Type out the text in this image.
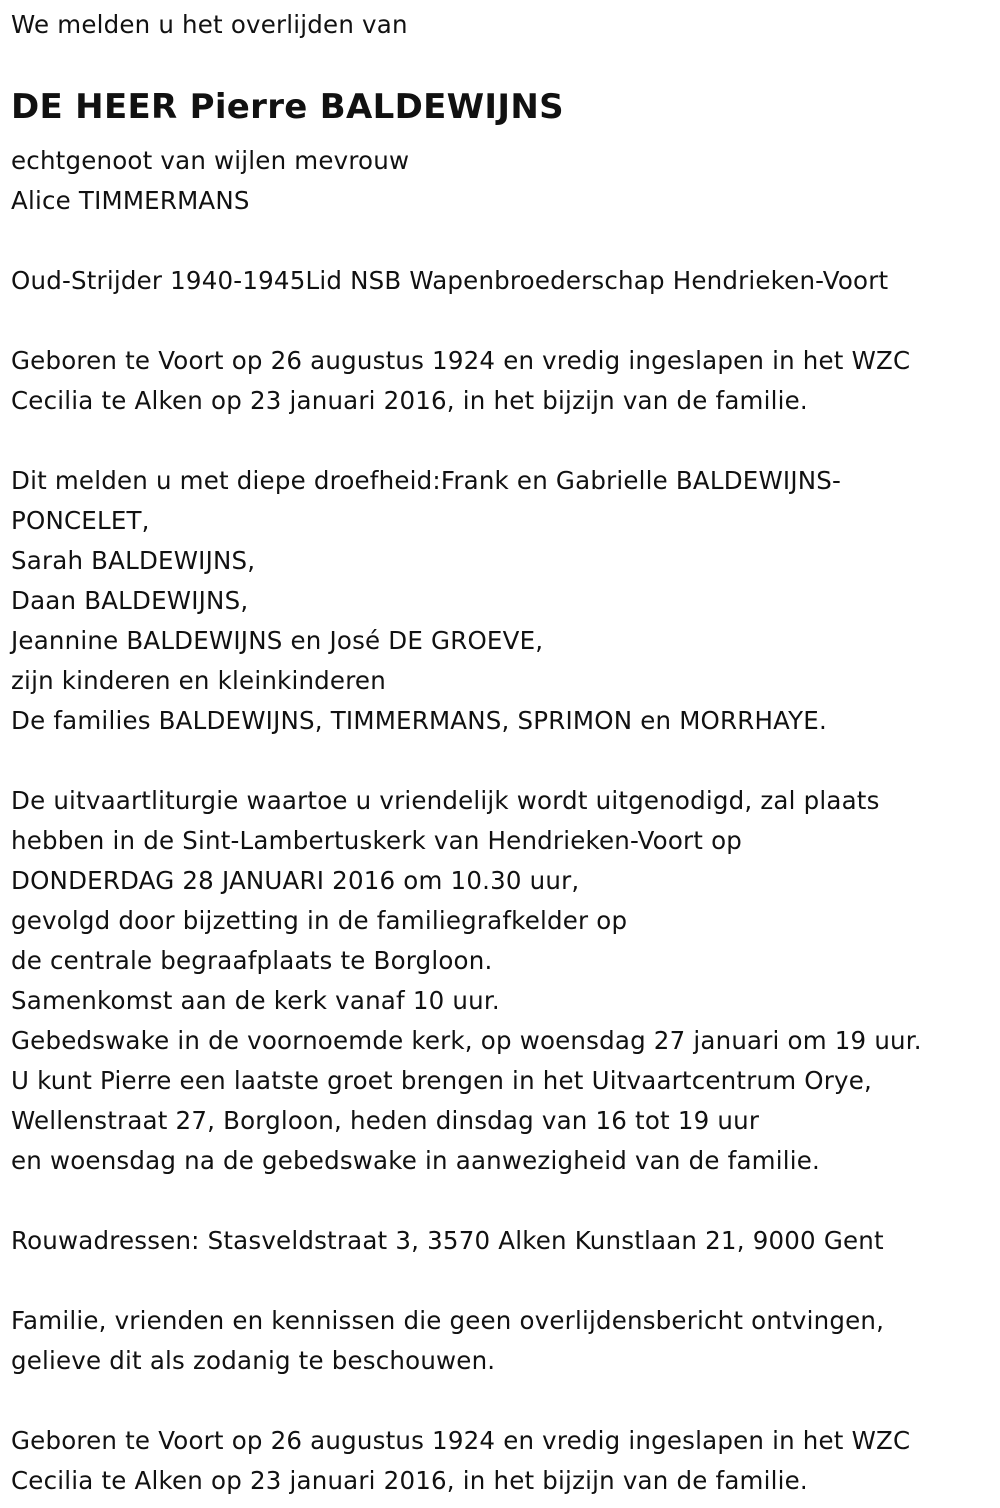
We melden u het overlijden van
DE HEER Pierre BALDEWIJNS
echtgenoot van wijlen mevrouw
Alice TIMMERMANS
Oud-Strijder 1940-1945Lid NSB Wapenbroederschap Hendrieken-Voort
Geboren te Voort op 26 augustus 1924 en vredig ingeslapen in het WZC
Cecilia te Alken op 23 januari 2016, in het bijzijn van de familie.
Dit melden u met diepe droefheid:Frank en Gabrielle BALDEWIJNS-
PONCELET,
Sarah BALDEWIJNS,
Daan BALDEWIJNS,
Jeannine BALDEWIJNS en José DE GROEVE,
zijn kinderen en kleinkinderen
De families BALDEWIJNS, TIMMERMANS, SPRIMON en MORRHAYE.
De uitvaartliturgie waartoe u vriendelijk wordt uitgenodigd, zal plaats
hebben in de Sint-Lambertuskerk van Hendrieken-Voort op
DONDERDAG 28 JANUARI 2016 om 10.30 uur,
gevolgd door bijzetting in de familiegrafkelder op
de centrale begraafplaats te Borgloon.
Samenkomst aan de kerk vanaf 10 uur.
Gebedswake in de voornoemde kerk, op woensdag 27 januari om 19 uur.
U kunt Pierre een laatste groet brengen in het Uitvaartcentrum Orye,
Wellenstraat 27, Borgloon, heden dinsdag van 16 tot 19 uur
en woensdag na de gebedswake in aanwezigheid van de familie.
Rouwadressen: Stasveldstraat 3, 3570 Alken Kunstlaan 21, 9000 Gent
Familie, vrienden en kennissen die geen overlijdensbericht ontvingen,
gelieve dit als zodanig te beschouwen.
Geboren te Voort op 26 augustus 1924 en vredig ingeslapen in het WZC
Cecilia te Alken op 23 januari 2016, in het bijzijn van de familie.
